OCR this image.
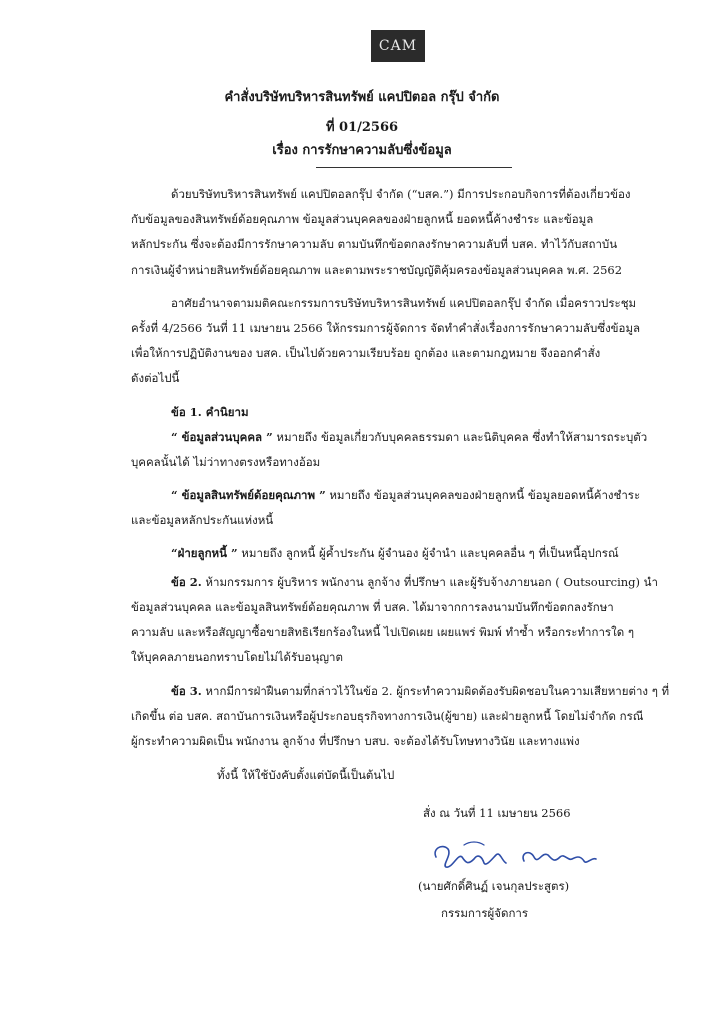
CAM
คำสั่งบริษัทบริหารสินทรัพย์ แคปปิตอล กรุ๊ป จำกัด
ที่ 01/2566
เรื่อง การรักษาความลับซึ่งข้อมูล
ด้วยบริษัทบริหารสินทรัพย์ แคปปิตอลกรุ๊ป จำกัด (“บสค.”) มีการประกอบกิจการที่ต้องเกี่ยวข้อง
กับข้อมูลของสินทรัพย์ด้อยคุณภาพ ข้อมูลส่วนบุคคลของฝ่ายลูกหนี้ ยอดหนี้ค้างชำระ และข้อมูล
หลักประกัน ซึ่งจะต้องมีการรักษาความลับ ตามบันทึกข้อตกลงรักษาความลับที่ บสค. ทำไว้กับสถาบัน
การเงินผู้จำหน่ายสินทรัพย์ด้อยคุณภาพ และตามพระราชบัญญัติคุ้มครองข้อมูลส่วนบุคคล พ.ศ. 2562
อาศัยอำนาจตามมติคณะกรรมการบริษัทบริหารสินทรัพย์ แคปปิตอลกรุ๊ป จำกัด เมื่อคราวประชุม
ครั้งที่ 4/2566 วันที่ 11 เมษายน 2566 ให้กรรมการผู้จัดการ จัดทำคำสั่งเรื่องการรักษาความลับซึ่งข้อมูล
เพื่อให้การปฏิบัติงานของ บสค. เป็นไปด้วยความเรียบร้อย ถูกต้อง และตามกฎหมาย จึงออกคำสั่ง
ดังต่อไปนี้
ข้อ 1. คำนิยาม
“ ข้อมูลส่วนบุคคล ” หมายถึง ข้อมูลเกี่ยวกับบุคคลธรรมดา และนิติบุคคล ซึ่งทำให้สามารถระบุตัว
บุคคลนั้นได้ ไม่ว่าทางตรงหรือทางอ้อม
“ ข้อมูลสินทรัพย์ด้อยคุณภาพ ” หมายถึง ข้อมูลส่วนบุคคลของฝ่ายลูกหนี้ ข้อมูลยอดหนี้ค้างชำระ
และข้อมูลหลักประกันแห่งหนี้
“ฝ่ายลูกหนี้ ” หมายถึง ลูกหนี้ ผู้ค้ำประกัน ผู้จำนอง ผู้จำนำ และบุคคลอื่น ๆ ที่เป็นหนี้อุปกรณ์
ข้อ 2. ห้ามกรรมการ ผู้บริหาร พนักงาน ลูกจ้าง ที่ปรึกษา และผู้รับจ้างภายนอก ( Outsourcing) นำ
ข้อมูลส่วนบุคคล และข้อมูลสินทรัพย์ด้อยคุณภาพ ที่ บสค. ได้มาจากการลงนามบันทึกข้อตกลงรักษา
ความลับ และหรือสัญญาซื้อขายสิทธิเรียกร้องในหนี้ ไปเปิดเผย เผยแพร่ พิมพ์ ทำซ้ำ หรือกระทำการใด ๆ
ให้บุคคลภายนอกทราบโดยไม่ได้รับอนุญาต
ข้อ 3. หากมีการฝ่าฝืนตามที่กล่าวไว้ในข้อ 2. ผู้กระทำความผิดต้องรับผิดชอบในความเสียหายต่าง ๆ ที่
เกิดขึ้น ต่อ บสค. สถาบันการเงินหรือผู้ประกอบธุรกิจทางการเงิน(ผู้ขาย) และฝ่ายลูกหนี้ โดยไม่จำกัด กรณี
ผู้กระทำความผิดเป็น พนักงาน ลูกจ้าง ที่ปรึกษา บสบ. จะต้องได้รับโทษทางวินัย และทางแพ่ง
ทั้งนี้ ให้ใช้บังคับตั้งแต่บัดนี้เป็นต้นไป
สั่ง ณ วันที่ 11 เมษายน 2566
(นายศักดิ์ศินฏ์ เจนกุลประสูตร)
กรรมการผู้จัดการ
